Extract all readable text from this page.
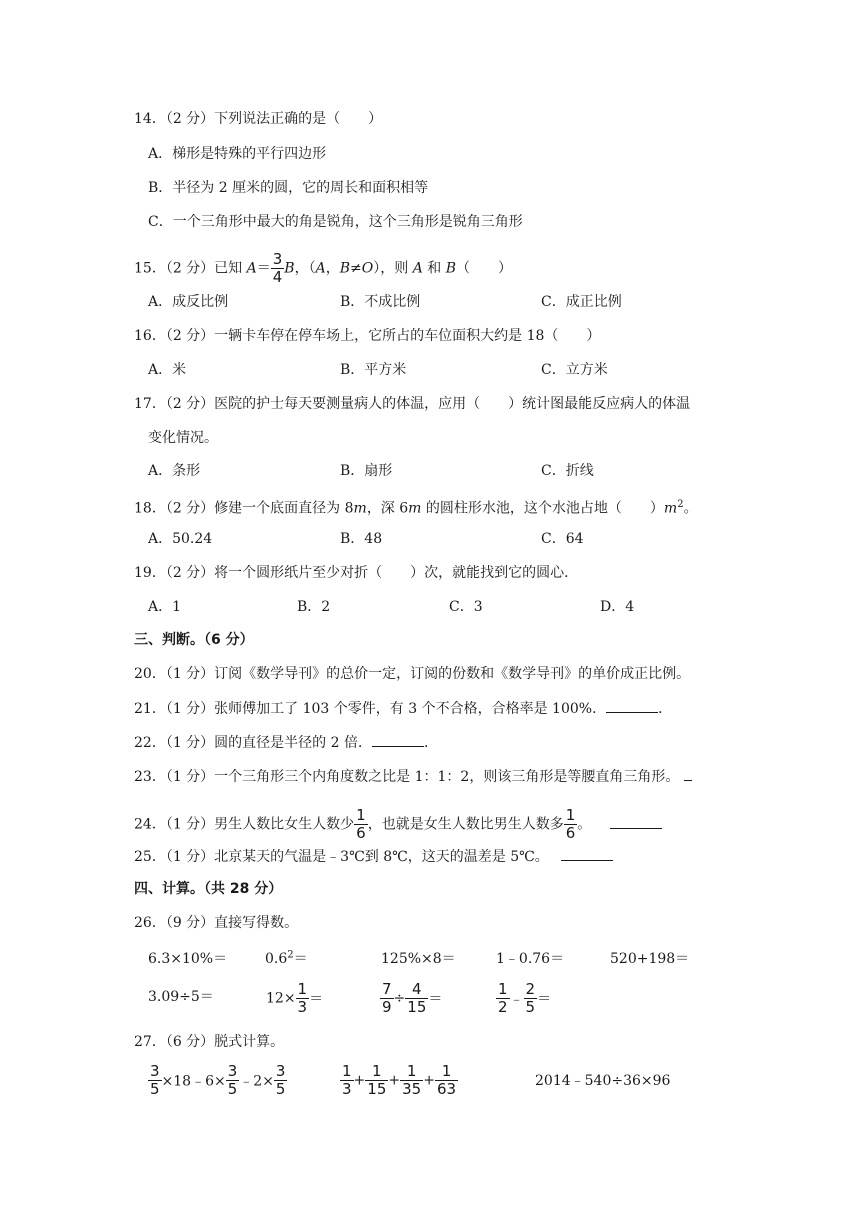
14．（2 分）下列说法正确的是（　　）
A．梯形是特殊的平行四边形
B．半径为 2 厘米的圆，它的周长和面积相等
C．一个三角形中最大的角是锐角，这个三角形是锐角三角形
15．（2 分）已知 $A= \frac{3}{4}$ B，（A，B≠O），则 A 和 B（　　）
A．成反比例	B．不成比例	C．成正比例
16．（2 分）一辆卡车停在停车场上，它所占的车位面积大约是 18（　　）
A．米	B．平方米	C．立方米
17．（2 分）医院的护士每天要测量病人的体温，应用（　　）统计图最能反应病人的体温
变化情况。
A．条形	B．扇形	C．折线
18．（2 分）修建一个底面直径为 8m，深 6m 的圆柱形水池，这个水池占地（　　）$m^2$。
A．50.24	B．48	C．64
19．（2 分）将一个圆形纸片至少对折（　　）次，就能找到它的圆心．
A．1	B．2	C．3	D．4
三、判断。（6 分）
20．（1 分）订阅《数学导刊》的总价一定，订阅的份数和《数学导刊》的单价成正比例。
21．（1 分）张师傅加工了 103 个零件，有 3 个不合格，合格率是 100%．	．
22．（1 分）圆的直径是半径的 2 倍．	．
23．（1 分）一个三角形三个内角度数之比是 1：1：2，则该三角形是等腰直角三角形。
24．（1 分）男生人数比女生人数少 $\frac{1}{6}$ ，也就是女生人数比男生人数多 $\frac{1}{6}$ 。
25．（1 分）北京某天的气温是﹣3℃到 8℃，这天的温差是 5℃。
四、计算。（共 28 分）
26．（9 分）直接写得数。
6.3×10%＝	$0.6^2=$	125%×8＝	1﹣0.76＝	520+198＝
3.09÷5＝	$12\times \frac{1}{3}$ ＝	$\frac{7}{9} \div \frac{4}{15}$ ＝	$\frac{1}{2}$ ﹣ $\frac{2}{5}$ ＝
27．（6 分）脱式计算。
$\frac{3}{5}$ ×18﹣6× $\frac{3}{5}$ ﹣2× $\frac{3}{5}$	$\frac{1}{3} + \frac{1}{15} + \frac{1}{35} + \frac{1}{63}$	2014﹣540÷36×96
